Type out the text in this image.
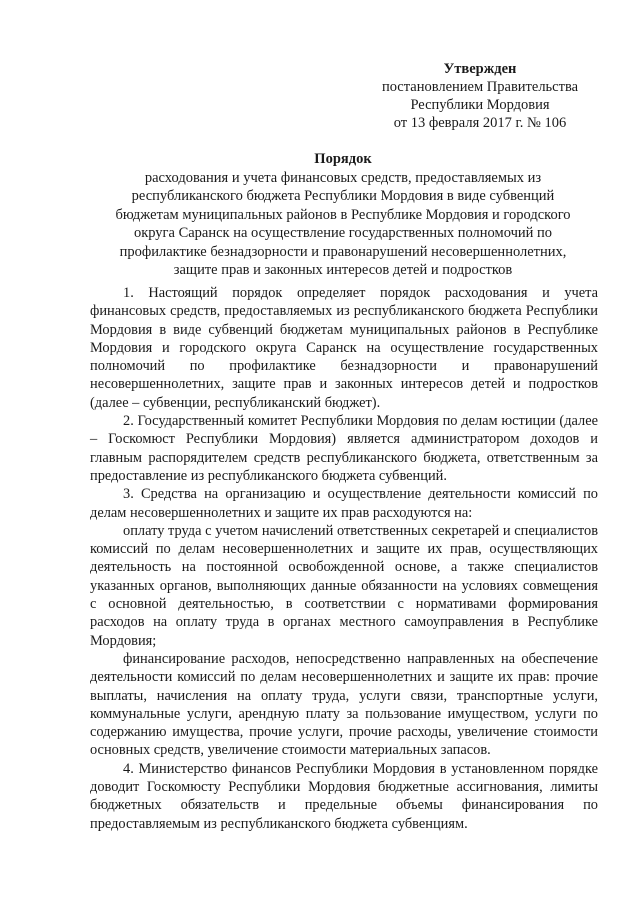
Утвержден
постановлением Правительства
Республики Мордовия
от 13 февраля 2017 г. № 106
Порядок
расходования и учета финансовых средств, предоставляемых из
республиканского бюджета Республики Мордовия в виде субвенций
бюджетам муниципальных районов в Республике Мордовия и городского
округа Саранск на осуществление государственных полномочий по
профилактике безнадзорности и правонарушений несовершеннолетних,
защите прав и законных интересов детей и подростков

1. Настоящий порядок определяет порядок расходования и учета финансовых средств, предоставляемых из республиканского бюджета Республики Мордовия в виде субвенций бюджетам муниципальных районов в Республике Мордовия и городского округа Саранск на осуществление государственных полномочий по профилактике безнадзорности и правонарушений несовершеннолетних, защите прав и законных интересов детей и подростков (далее – субвенции, республиканский бюджет).

2. Государственный комитет Республики Мордовия по делам юстиции (далее – Госкомюст Республики Мордовия) является администратором доходов и главным распорядителем средств республиканского бюджета, ответственным за предоставление из республиканского бюджета субвенций.

3. Средства на организацию и осуществление деятельности комиссий по делам несовершеннолетних и защите их прав расходуются на:

оплату труда с учетом начислений ответственных секретарей и специалистов комиссий по делам несовершеннолетних и защите их прав, осуществляющих деятельность на постоянной освобожденной основе, а также специалистов указанных органов, выполняющих данные обязанности на условиях совмещения с основной деятельностью, в соответствии с нормативами формирования расходов на оплату труда в органах местного самоуправления в Республике Мордовия;

финансирование расходов, непосредственно направленных на обеспечение деятельности комиссий по делам несовершеннолетних и защите их прав: прочие выплаты, начисления на оплату труда, услуги связи, транспортные услуги, коммунальные услуги, арендную плату за пользование имуществом, услуги по содержанию имущества, прочие услуги, прочие расходы, увеличение стоимости основных средств, увеличение стоимости материальных запасов.

4. Министерство финансов Республики Мордовия в установленном порядке доводит Госкомюсту Республики Мордовия бюджетные ассигнования, лимиты бюджетных обязательств и предельные объемы финансирования по предоставляемым из республиканского бюджета субвенциям.
